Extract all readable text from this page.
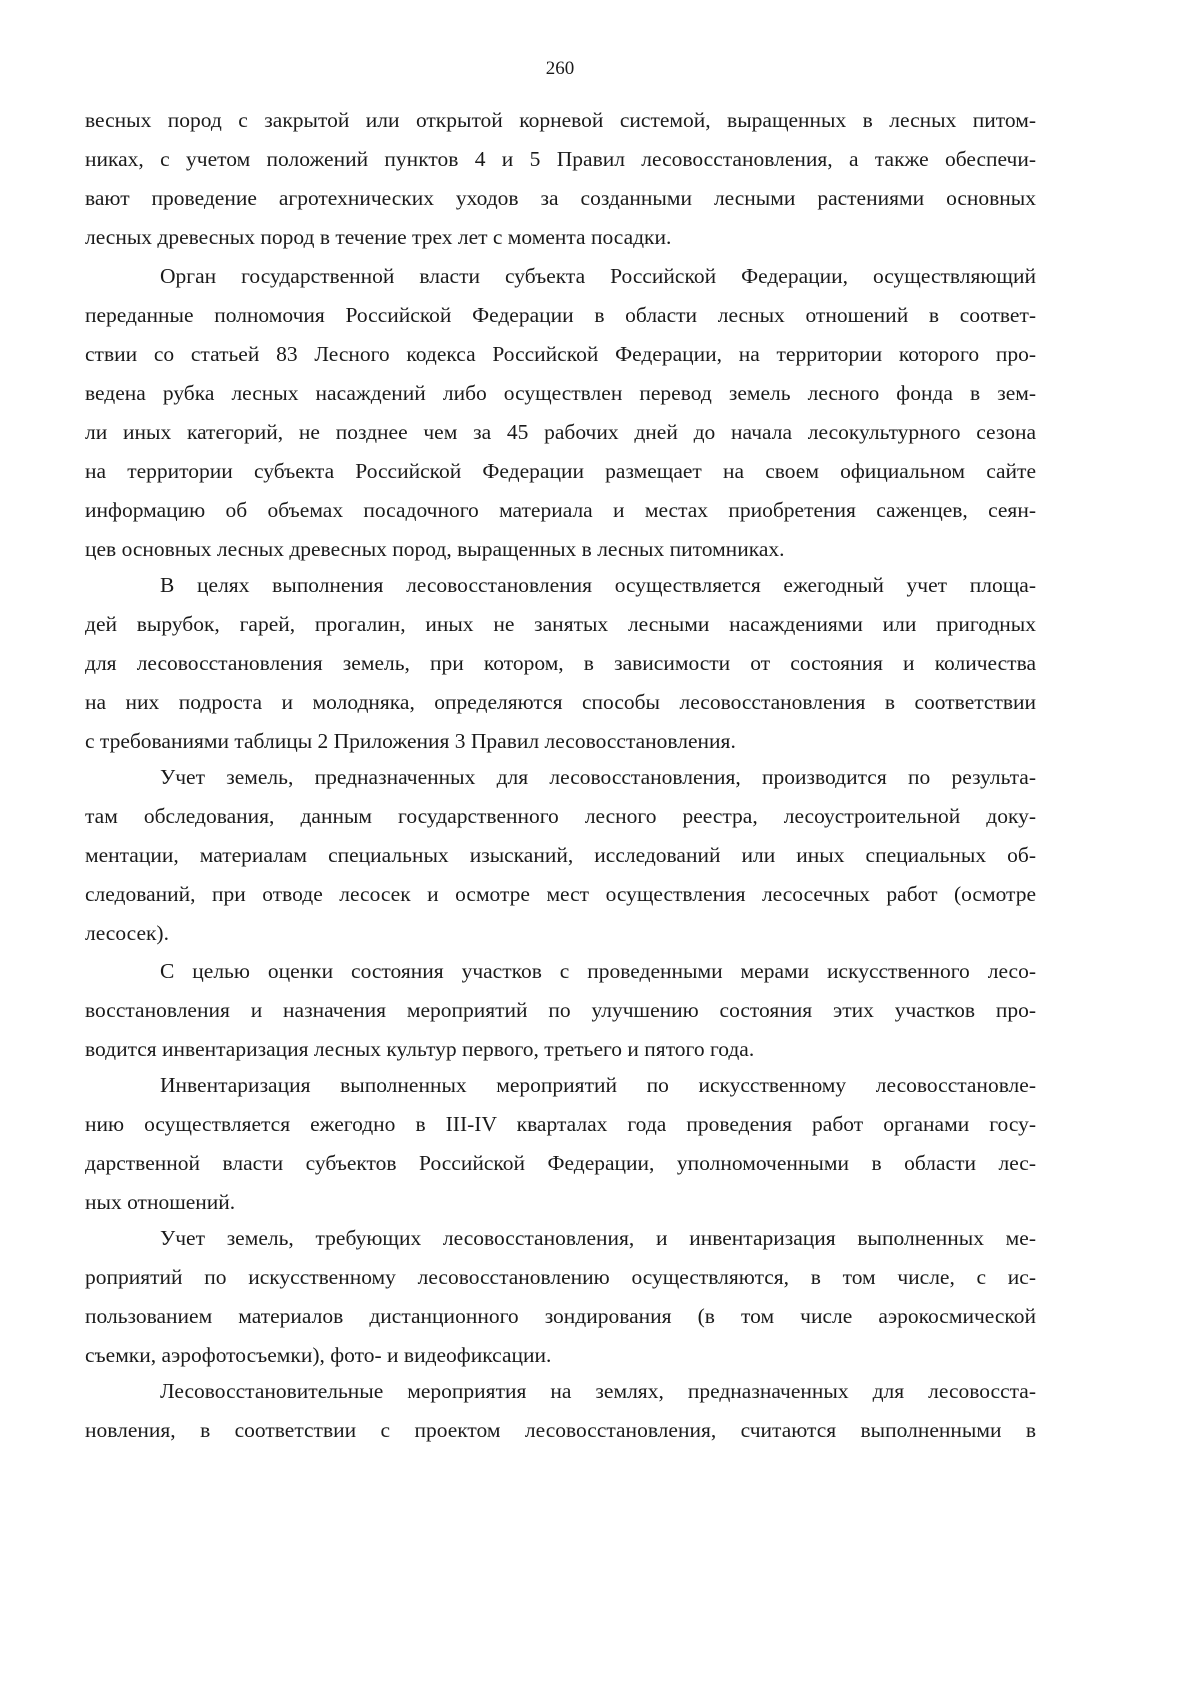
260
весных пород с закрытой или открытой корневой системой, выращенных в лесных питом-
никах, с учетом положений пунктов 4 и 5 Правил лесовосстановления, а также обеспечи-
вают проведение агротехнических уходов за созданными лесными растениями основных
лесных древесных пород в течение трех лет с момента посадки.
Орган государственной власти субъекта Российской Федерации, осуществляющий
переданные полномочия Российской Федерации в области лесных отношений в соответ-
ствии со статьей 83 Лесного кодекса Российской Федерации, на территории которого про-
ведена рубка лесных насаждений либо осуществлен перевод земель лесного фонда в зем-
ли иных категорий, не позднее чем за 45 рабочих дней до начала лесокультурного сезона
на территории субъекта Российской Федерации размещает на своем официальном сайте
информацию об объемах посадочного материала и местах приобретения саженцев, сеян-
цев основных лесных древесных пород, выращенных в лесных питомниках.
В целях выполнения лесовосстановления осуществляется ежегодный учет площа-
дей вырубок, гарей, прогалин, иных не занятых лесными насаждениями или пригодных
для лесовосстановления земель, при котором, в зависимости от состояния и количества
на них подроста и молодняка, определяются способы лесовосстановления в соответствии
с требованиями таблицы 2 Приложения 3 Правил лесовосстановления.
Учет земель, предназначенных для лесовосстановления, производится по результа-
там обследования, данным государственного лесного реестра, лесоустроительной доку-
ментации, материалам специальных изысканий, исследований или иных специальных об-
следований, при отводе лесосек и осмотре мест осуществления лесосечных работ (осмотре
лесосек).
С целью оценки состояния участков с проведенными мерами искусственного лесо-
восстановления и назначения мероприятий по улучшению состояния этих участков про-
водится инвентаризация лесных культур первого, третьего и пятого года.
Инвентаризация выполненных мероприятий по искусственному лесовосстановле-
нию осуществляется ежегодно в III-IV кварталах года проведения работ органами госу-
дарственной власти субъектов Российской Федерации, уполномоченными в области лес-
ных отношений.
Учет земель, требующих лесовосстановления, и инвентаризация выполненных ме-
роприятий по искусственному лесовосстановлению осуществляются, в том числе, с ис-
пользованием материалов дистанционного зондирования (в том числе аэрокосмической
съемки, аэрофотосъемки), фото- и видеофиксации.
Лесовосстановительные мероприятия на землях, предназначенных для лесовосста-
новления, в соответствии с проектом лесовосстановления, считаются выполненными в
